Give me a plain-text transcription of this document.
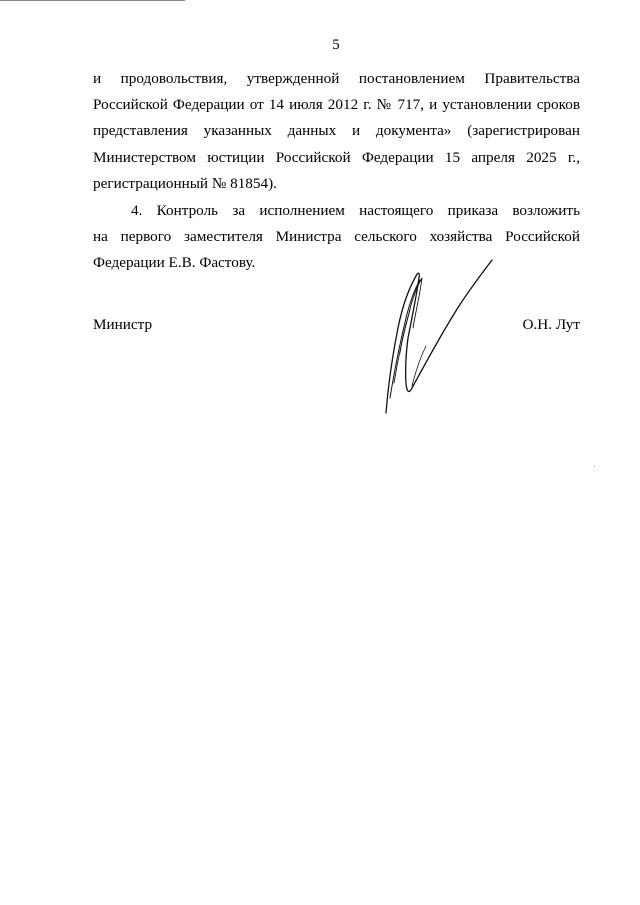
5
и продовольствия, утвержденной постановлением Правительства
Российской Федерации от 14 июля 2012 г. № 717, и установлении сроков
представления указанных данных и документа» (зарегистрирован
Министерством юстиции Российской Федерации 15 апреля 2025 г.,
регистрационный № 81854).
4. Контроль за исполнением настоящего приказа возложить
на первого заместителя Министра сельского хозяйства Российской
Федерации Е.В. Фастову.
Министр	О.Н. Лут
